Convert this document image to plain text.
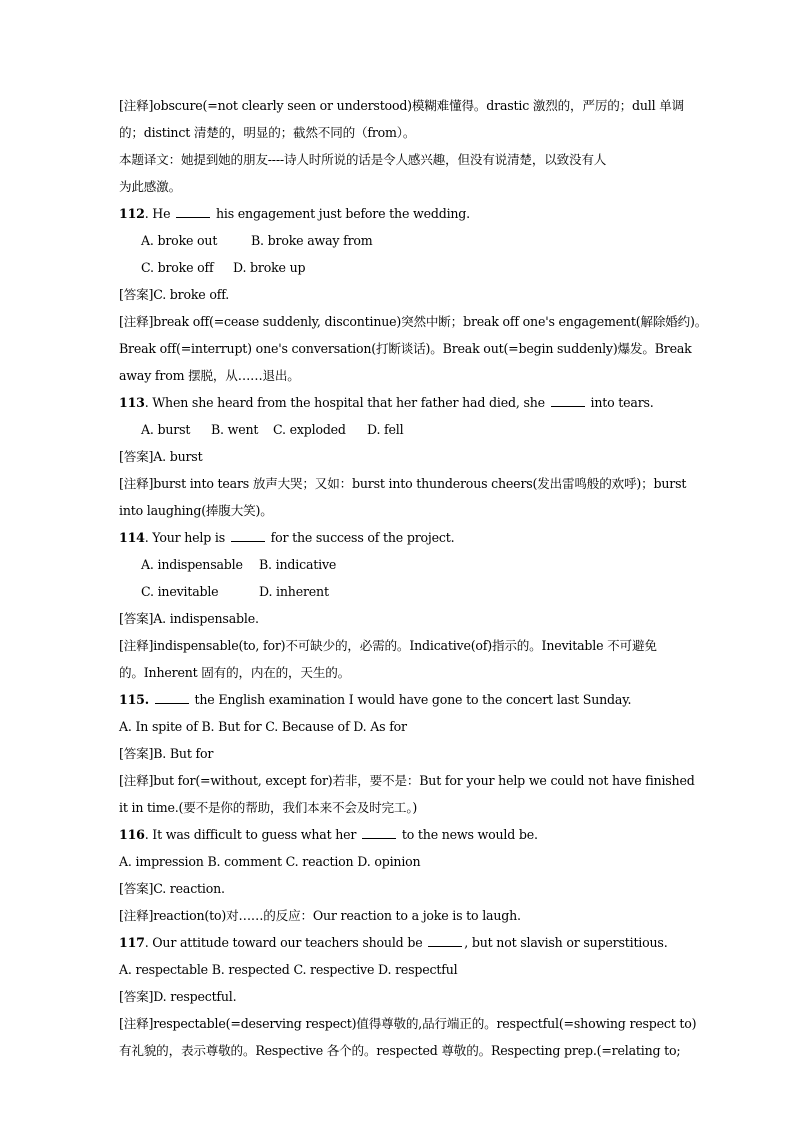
[注释]obscure(=not clearly seen or understood)模糊难懂得。drastic 激烈的，严厉的；dull 单调
的；distinct 清楚的，明显的；截然不同的（from）。
本题译文：她提到她的朋友----诗人时所说的话是令人感兴趣，但没有说清楚，以致没有人
为此感激。
112. He	his engagement just before the wedding.
A. broke out	B. broke away from
C. broke off D. broke up
[答案]C. broke off.
[注释]break off(=cease suddenly, discontinue)突然中断；break off one's engagement(解除婚约)。
Break off(=interrupt) one's conversation(打断谈话)。Break out(=begin suddenly)爆发。Break
away from 摆脱，从……退出。
113. When she heard from the hospital that her father had died, she	into tears.
A. burst B. went C. exploded D. fell
[答案]A. burst
[注释]burst into tears 放声大哭；又如：burst into thunderous cheers(发出雷鸣般的欢呼)；burst
into laughing(捧腹大笑)。
114. Your help is	for the success of the project.
A. indispensable B. indicative
C. inevitable	D. inherent
[答案]A. indispensable.
[注释]indispensable(to, for)不可缺少的，必需的。Indicative(of)指示的。Inevitable 不可避免
的。Inherent 固有的，内在的，天生的。
115.	the English examination I would have gone to the concert last Sunday.
A. In spite of B. But for C. Because of D. As for
[答案]B. But for
[注释]but for(=without, except for)若非，要不是：But for your help we could not have finished
it in time.(要不是你的帮助，我们本来不会及时完工。)
116. It was difficult to guess what her	to the news would be.
A. impression B. comment C. reaction D. opinion
[答案]C. reaction.
[注释]reaction(to)对……的反应：Our reaction to a joke is to laugh.
117. Our attitude toward our teachers should be	, but not slavish or superstitious.
A. respectable B. respected C. respective D. respectful
[答案]D. respectful.
[注释]respectable(=deserving respect)值得尊敬的,品行端正的。respectful(=showing respect to)
有礼貌的，表示尊敬的。Respective 各个的。respected 尊敬的。Respecting prep.(=relating to;
